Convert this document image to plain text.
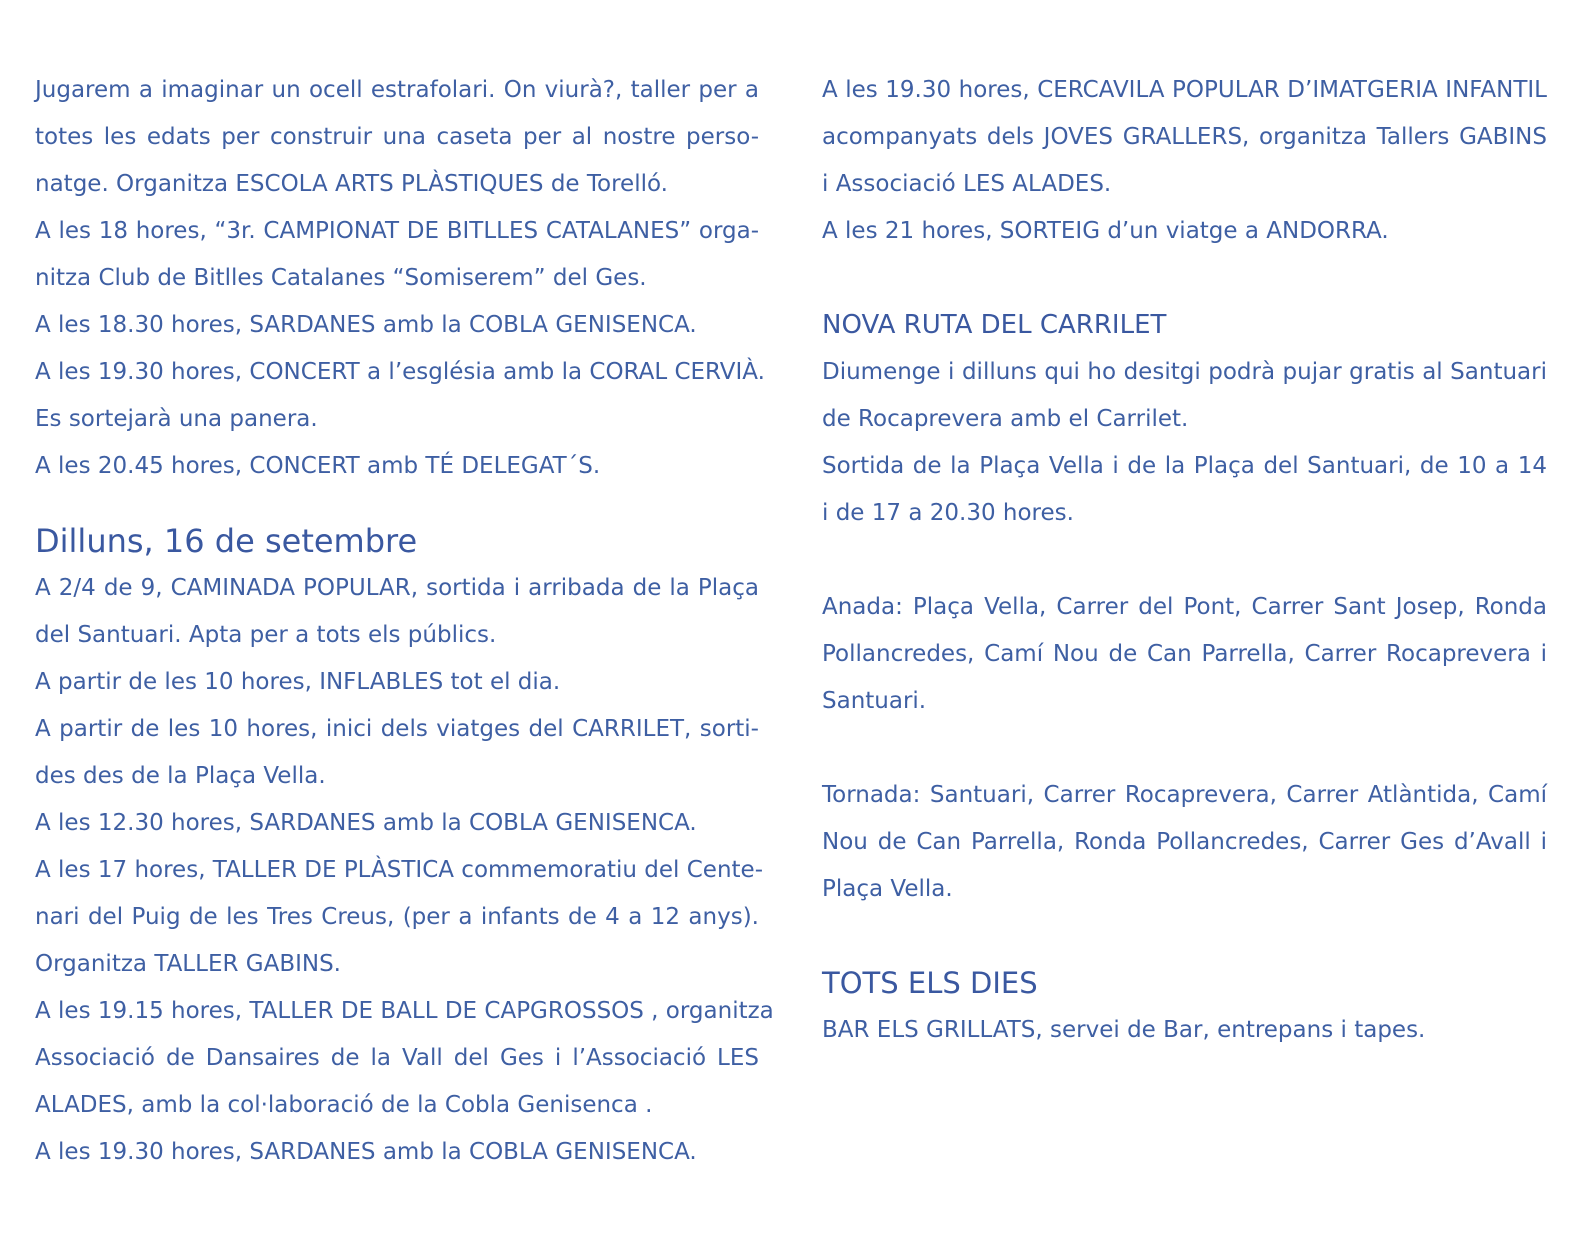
Jugarem a imaginar un ocell estrafolari. On viurà?, taller per a
totes les edats per construir una caseta per al nostre perso-
natge. Organitza ESCOLA ARTS PLÀSTIQUES de Torelló.
A les 18 hores, “3r. CAMPIONAT DE BITLLES CATALANES” orga-
nitza Club de Bitlles Catalanes “Somiserem” del Ges.
A les 18.30 hores, SARDANES amb la COBLA GENISENCA.
A les 19.30 hores, CONCERT a l’església amb la CORAL CERVIÀ.
Es sortejarà una panera.
A les 20.45 hores, CONCERT amb TÉ DELEGAT´S.
Dilluns, 16 de setembre
A 2/4 de 9, CAMINADA POPULAR, sortida i arribada de la Plaça
del Santuari. Apta per a tots els públics.
A partir de les 10 hores, INFLABLES tot el dia.
A partir de les 10 hores, inici dels viatges del CARRILET, sorti-
des des de la Plaça Vella.
A les 12.30 hores, SARDANES amb la COBLA GENISENCA.
A les 17 hores, TALLER DE PLÀSTICA commemoratiu del Cente-
nari del Puig de les Tres Creus, (per a infants de 4 a 12 anys).
Organitza TALLER GABINS.
A les 19.15 hores, TALLER DE BALL DE CAPGROSSOS , organitza
Associació de Dansaires de la Vall del Ges i l’Associació LES
ALADES, amb la col·laboració de la Cobla Genisenca .
A les 19.30 hores, SARDANES amb la COBLA GENISENCA.
A les 19.30 hores, CERCAVILA POPULAR D’IMATGERIA INFANTIL
acompanyats dels JOVES GRALLERS, organitza Tallers GABINS
i Associació LES ALADES.
A les 21 hores, SORTEIG d’un viatge a ANDORRA.
NOVA RUTA DEL CARRILET
Diumenge i dilluns qui ho desitgi podrà pujar gratis al Santuari
de Rocaprevera amb el Carrilet.
Sortida de la Plaça Vella i de la Plaça del Santuari, de 10 a 14
i de 17 a 20.30 hores.
Anada: Plaça Vella, Carrer del Pont, Carrer Sant Josep, Ronda
Pollancredes, Camí Nou de Can Parrella, Carrer Rocaprevera i
Santuari.
Tornada: Santuari, Carrer Rocaprevera, Carrer Atlàntida, Camí
Nou de Can Parrella, Ronda Pollancredes, Carrer Ges d’Avall i
Plaça Vella.
TOTS ELS DIES
BAR ELS GRILLATS, servei de Bar, entrepans i tapes.
